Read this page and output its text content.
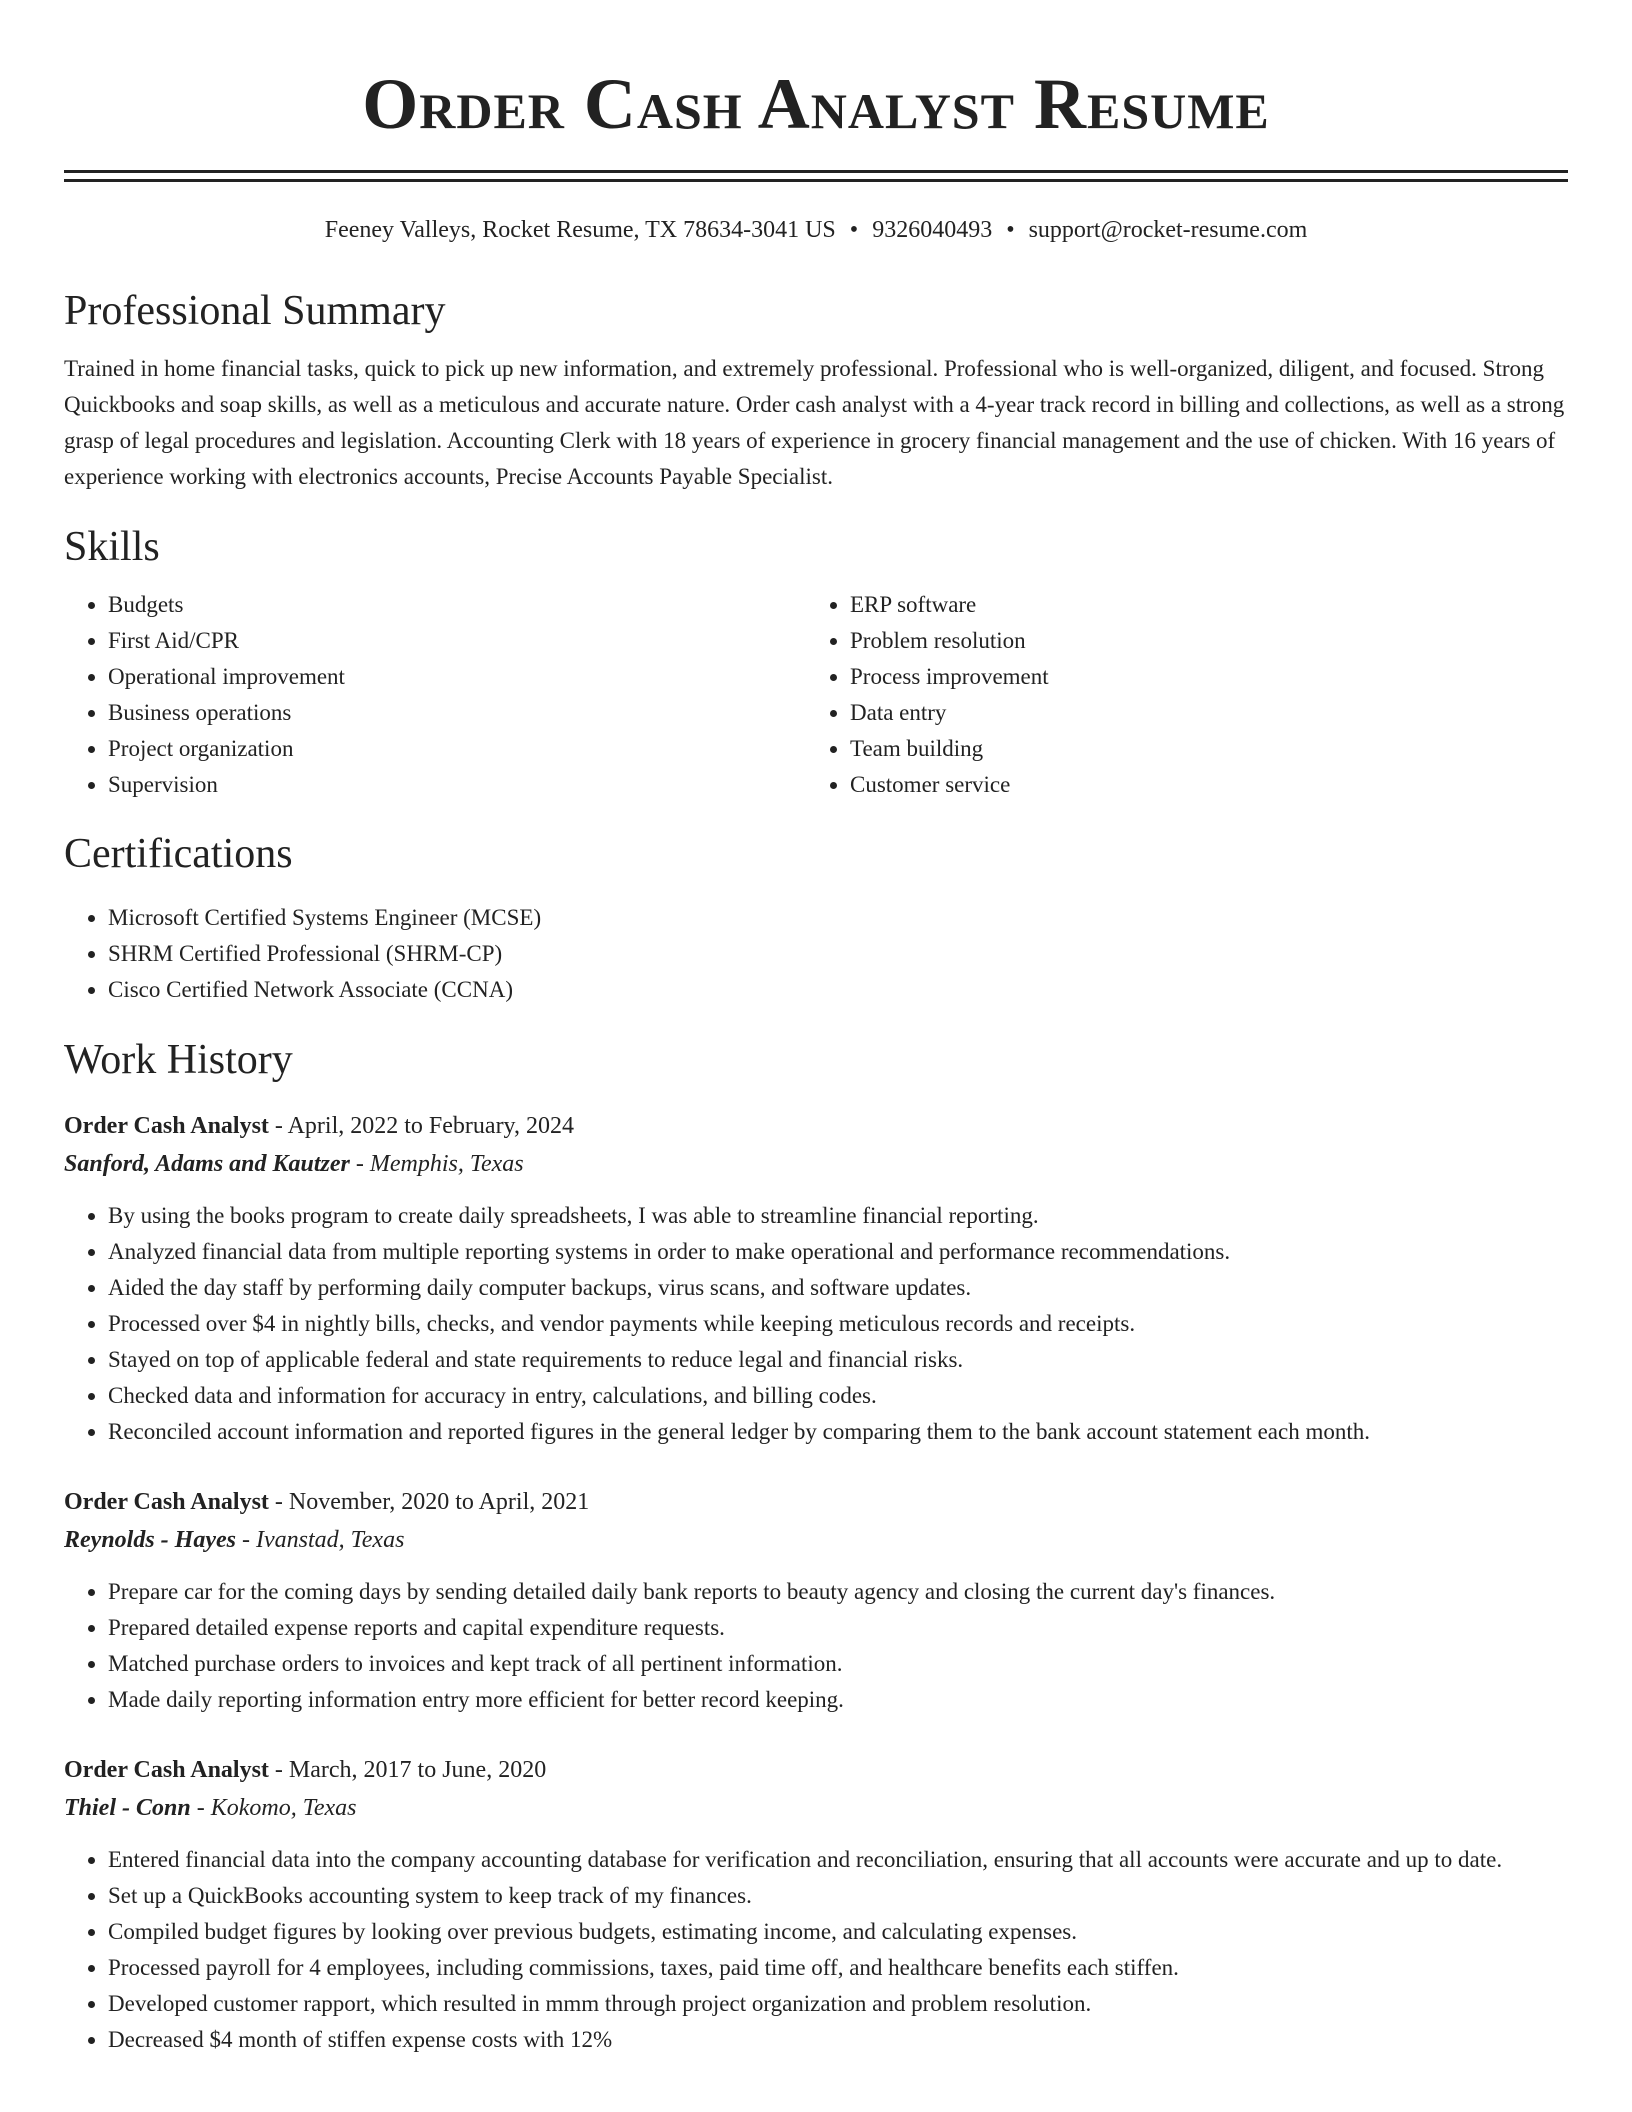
Order Cash Analyst Resume
Feeney Valleys, Rocket Resume, TX 78634-3041 US • 9326040493 • support@rocket-resume.com
Professional Summary

Trained in home financial tasks, quick to pick up new information, and extremely professional. Professional who is well-organized, diligent, and focused. Strong Quickbooks and soap skills, as well as a meticulous and accurate nature. Order cash analyst with a 4-year track record in billing and collections, as well as a strong grasp of legal procedures and legislation. Accounting Clerk with 18 years of experience in grocery financial management and the use of chicken. With 16 years of experience working with electronics accounts, Precise Accounts Payable Specialist.

Skills
• Budgets
• First Aid/CPR
• Operational improvement
• Business operations
• Project organization
• Supervision
• ERP software
• Problem resolution
• Process improvement
• Data entry
• Team building
• Customer service
Certifications
• Microsoft Certified Systems Engineer (MCSE)
• SHRM Certified Professional (SHRM-CP)
• Cisco Certified Network Associate (CCNA)
Work History
Order Cash Analyst - April, 2022 to February, 2024
Sanford, Adams and Kautzer - Memphis, Texas
• By using the books program to create daily spreadsheets, I was able to streamline financial reporting.
• Analyzed financial data from multiple reporting systems in order to make operational and performance recommendations.
• Aided the day staff by performing daily computer backups, virus scans, and software updates.
• Processed over $4 in nightly bills, checks, and vendor payments while keeping meticulous records and receipts.
• Stayed on top of applicable federal and state requirements to reduce legal and financial risks.
• Checked data and information for accuracy in entry, calculations, and billing codes.
• Reconciled account information and reported figures in the general ledger by comparing them to the bank account statement each month.
Order Cash Analyst - November, 2020 to April, 2021
Reynolds - Hayes - Ivanstad, Texas
• Prepare car for the coming days by sending detailed daily bank reports to beauty agency and closing the current day's finances.
• Prepared detailed expense reports and capital expenditure requests.
• Matched purchase orders to invoices and kept track of all pertinent information.
• Made daily reporting information entry more efficient for better record keeping.
Order Cash Analyst - March, 2017 to June, 2020
Thiel - Conn - Kokomo, Texas
• Entered financial data into the company accounting database for verification and reconciliation, ensuring that all accounts were accurate and up to date.
• Set up a QuickBooks accounting system to keep track of my finances.
• Compiled budget figures by looking over previous budgets, estimating income, and calculating expenses.
• Processed payroll for 4 employees, including commissions, taxes, paid time off, and healthcare benefits each stiffen.
• Developed customer rapport, which resulted in mmm through project organization and problem resolution.
• Decreased $4 month of stiffen expense costs with 12%
